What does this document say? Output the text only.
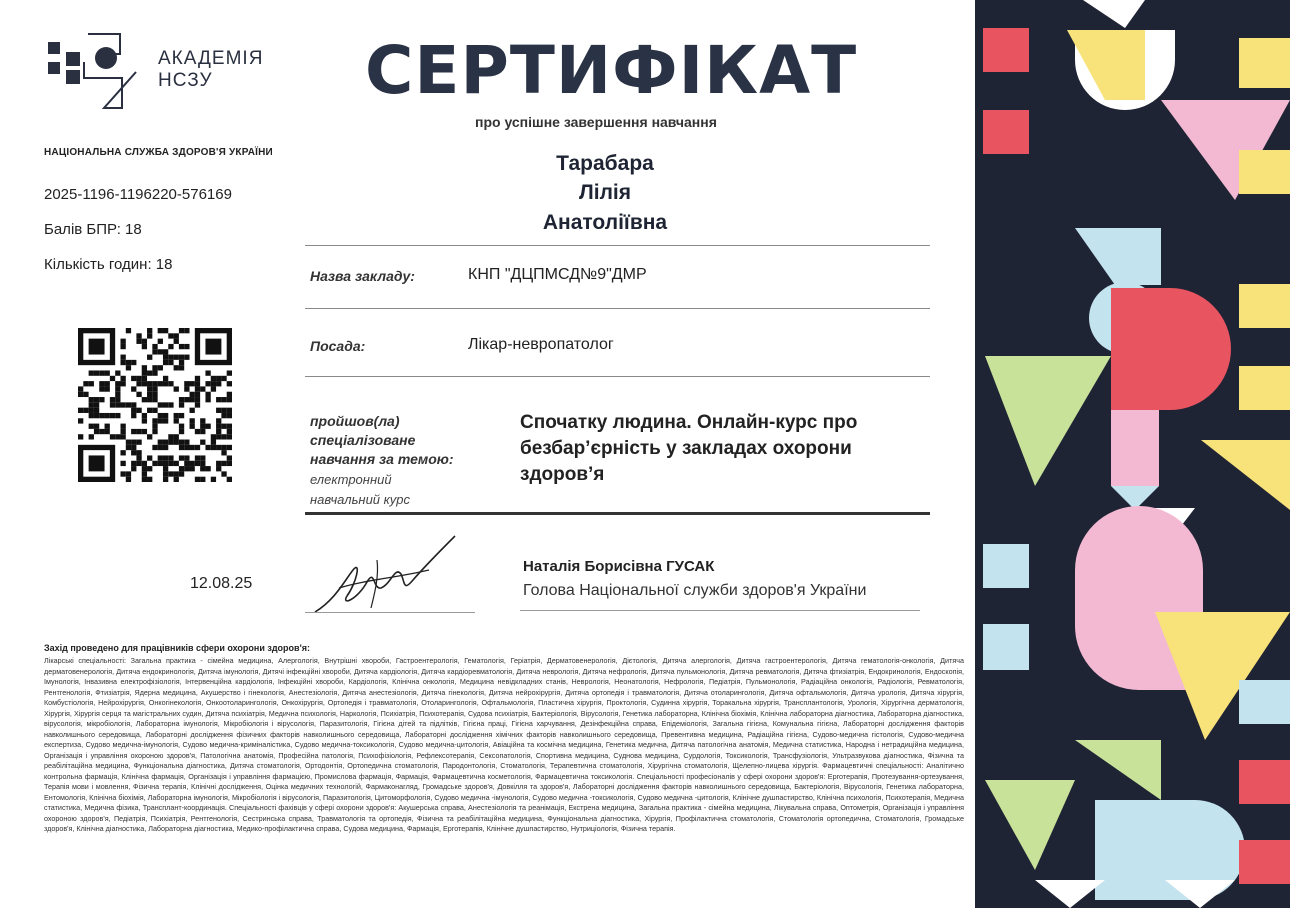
АКАДЕМІЯ
НСЗУ
НАЦІОНАЛЬНА СЛУЖБА ЗДОРОВ'Я УКРАЇНИ
2025-1196-1196220-576169
Балів БПР: 18
Кількість годин: 18
12.08.25
СЕРТИФІКАТ
про успішне завершення навчання
Тарабара
Лілія
Анатоліївна
Назва закладу:	КНП "ДЦПМСД№9"ДМР
Посада:	Лікар-невропатолог
пройшов(ла)
спеціалізоване
навчання за темою:
електронний
навчальний курс
Спочатку людина. Онлайн-курс про безбар’єрність у закладах охорони здоров’я
Наталія Борисівна ГУСАК
Голова Національної служби здоров'я України
Захід проведено для працівників сфери охорони здоров'я:
Лікарські спеціальності: Загальна практика - сімейна медицина, Алергологія, Внутрішні хвороби, Гастроентерологія, Гематологія, Геріатрія, Дерматовенерологія, Дієтологія, Дитяча алергологія, Дитяча гастроентерологія, Дитяча гематологія-онкологія, Дитяча дерматовенерологія, Дитяча ендокринологія, Дитяча імунологія, Дитячі інфекційні хвороби, Дитяча кардіологія, Дитяча кардіоревматологія, Дитяча неврологія, Дитяча нефрологія, Дитяча пульмонологія, Дитяча ревматологія, Дитяча фтизіатрія, Ендокринологія, Ендоскопія, Імунологія, Інвазивна електрофізіологія, Інтервенційна кардіологія, Інфекційні хвороби, Кардіологія, Клінічна онкологія, Медицина невідкладних станів, Неврологія, Неонатологія, Нефрологія, Педіатрія, Пульмонологія, Радіаційна онкологія, Радіологія, Ревматологія, Рентгенологія, Фтизіатрія, Ядерна медицина, Акушерство і гінекологія, Анестезіологія, Дитяча анестезіологія, Дитяча гінекологія, Дитяча нейрохірургія, Дитяча ортопедія і травматологія, Дитяча отоларингологія, Дитяча офтальмологія, Дитяча урологія, Дитяча хірургія, Комбустіологія, Нейрохірургія, Онкогінекологія, Онкоотоларингологія, Онкохірургія, Ортопедія і травматологія, Отоларингологія, Офтальмологія, Пластична хірургія, Проктологія, Судинна хірургія, Торакальна хірургія, Трансплантологія, Урологія, Хірургічна дерматологія, Хірургія, Хірургія серця та магістральних судин, Дитяча психіатрія, Медична психологія, Наркологія, Психіатрія, Психотерапія, Судова психіатрія, Бактеріологія, Вірусологія, Генетика лабораторна, Клінічна біохімія, Клінічна лабораторна діагностика, Лабораторна діагностика, вірусологія, мікробіологія, Лабораторна імунологія, Мікробіологія і вірусологія, Паразитологія, Гігієна дітей та підлітків, Гігієна праці, Гігієна харчування, Дезінфекційна справа, Епідеміологія, Загальна гігієна, Комунальна гігієна, Лабораторні дослідження факторів навколишнього середовища, Лабораторні дослідження фізичних факторів навколишнього середовища, Лабораторні дослідження хімічних факторів навколишнього середовища, Превентивна медицина, Радіаційна гігієна, Судово-медична гістологія, Судово-медична експертиза, Судово медична-імунологія, Судово медична-криміналістика, Судово медична-токсикологія, Судово медична-цитологія, Авіаційна та космічна медицина, Генетика медична, Дитяча патологічна анатомія, Медична статистика, Народна і нетрадиційна медицина, Організація і управління охороною здоров'я, Патологічна анатомія, Професійна патологія, Психофізіологія, Рефлексотерапія, Сексопатологія, Спортивна медицина, Суднова медицина, Сурдологія, Токсикологія, Трансфузіологія, Ультразвукова діагностика, Фізична та реабілітаційна медицина, Функціональна діагностика, Дитяча стоматологія, Ортодонтія, Ортопедична стоматологія, Пародонтологія, Стоматологія, Терапевтична стоматологія, Хірургічна стоматологія, Щелепно-лицева хірургія. Фармацевтичні спеціальності: Аналітично контрольна фармація, Клінічна фармація, Організація і управління фармацією, Промислова фармація, Фармація, Фармацевтична косметологія, Фармацевтична токсикологія. Спеціальності професіоналів у сфері охорони здоров'я: Ерготерапія, Протезування-ортезування, Терапія мови і мовлення, Фізична терапія, Клінічні дослідження, Оцінка медичних технологій, Фармаконагляд, Громадське здоров'я, Довкілля та здоров'я, Лабораторні дослідження факторів навколишнього середовища, Бактеріологія, Вірусологія, Генетика лабораторна, Ентомологія, Клінічна біохімія, Лабораторна імунологія, Мікробіологія і вірусологія, Паразитологія, Цитоморфологія, Судово медична -імунологія, Судово медична -токсикологія, Судово медична -цитологія, Клінічне душпастирство, Клінічна психологія, Психотерапія, Медична статистика, Медична фізика, Трансплант-координація. Спеціальності фахівців у сфері охорони здоров'я: Акушерська справа, Анестезіологія та реанімація, Екстрена медицина, Загальна практика - сімейна медицина, Лікувальна справа, Оптометрія, Організація і управління охороною здоров'я, Педіатрія, Психіатрія, Рентгенологія, Сестринська справа, Травматологія та ортопедія, Фізична та реабілітаційна медицина, Функціональна діагностика, Хірургія, Профілактична стоматологія, Стоматологія ортопедична, Стоматологія, Громадське здоров'я, Клінічна діагностика, Лабораторна діагностика, Медико-профілактична справа, Судова медицина, Фармація, Ерготерапія, Клінічне душпастирство, Нутриціологія, Фізична терапія.
